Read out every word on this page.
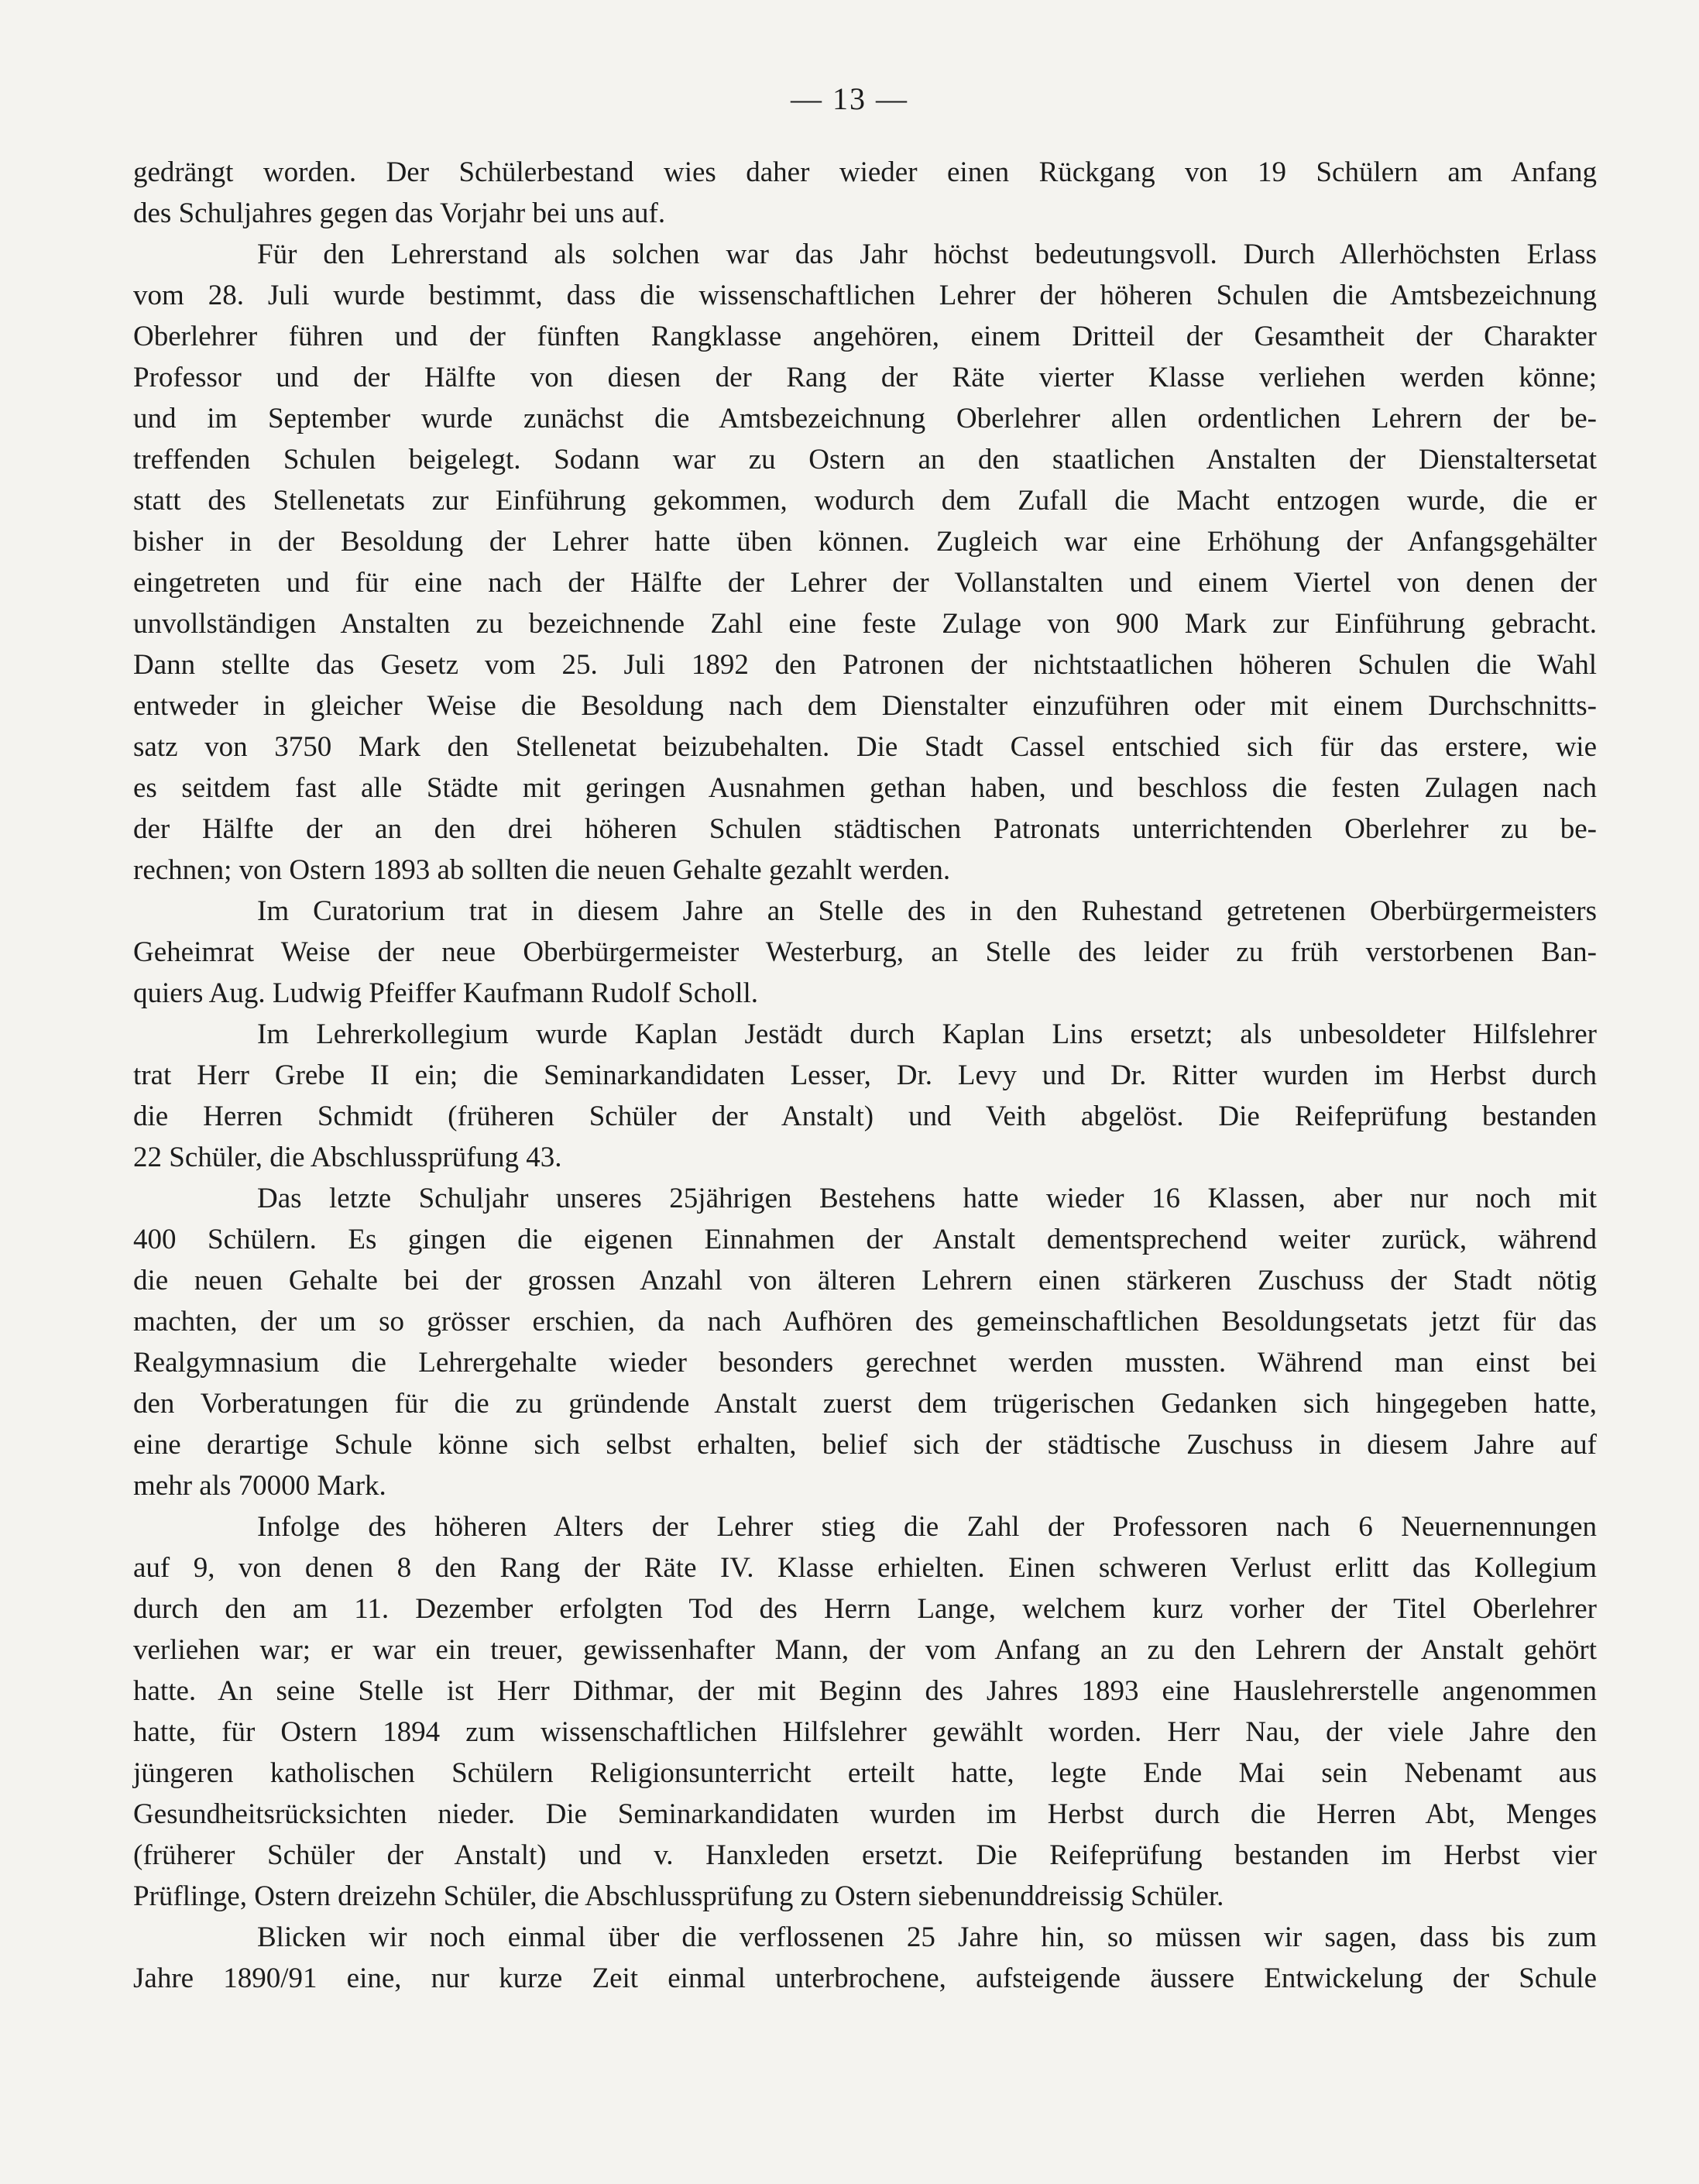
— 13 —

gedrängt worden. Der Schülerbestand wies daher wieder einen Rückgang von 19 Schülern am Anfang

des Schuljahres gegen das Vorjahr bei uns auf.

Für den Lehrerstand als solchen war das Jahr höchst bedeutungsvoll. Durch Allerhöchsten Erlass

vom 28. Juli wurde bestimmt, dass die wissenschaftlichen Lehrer der höheren Schulen die Amtsbezeichnung

Oberlehrer führen und der fünften Rangklasse angehören, einem Dritteil der Gesamtheit der Charakter

Professor und der Hälfte von diesen der Rang der Räte vierter Klasse verliehen werden könne;

und im September wurde zunächst die Amtsbezeichnung Oberlehrer allen ordentlichen Lehrern der be-

treffenden Schulen beigelegt. Sodann war zu Ostern an den staatlichen Anstalten der Dienstaltersetat

statt des Stellenetats zur Einführung gekommen, wodurch dem Zufall die Macht entzogen wurde, die er

bisher in der Besoldung der Lehrer hatte üben können. Zugleich war eine Erhöhung der Anfangsgehälter

eingetreten und für eine nach der Hälfte der Lehrer der Vollanstalten und einem Viertel von denen der

unvollständigen Anstalten zu bezeichnende Zahl eine feste Zulage von 900 Mark zur Einführung gebracht.

Dann stellte das Gesetz vom 25. Juli 1892 den Patronen der nichtstaatlichen höheren Schulen die Wahl

entweder in gleicher Weise die Besoldung nach dem Dienstalter einzuführen oder mit einem Durchschnitts-

satz von 3750 Mark den Stellenetat beizubehalten. Die Stadt Cassel entschied sich für das erstere, wie

es seitdem fast alle Städte mit geringen Ausnahmen gethan haben, und beschloss die festen Zulagen nach

der Hälfte der an den drei höheren Schulen städtischen Patronats unterrichtenden Oberlehrer zu be-

rechnen; von Ostern 1893 ab sollten die neuen Gehalte gezahlt werden.

Im Curatorium trat in diesem Jahre an Stelle des in den Ruhestand getretenen Oberbürgermeisters

Geheimrat Weise der neue Oberbürgermeister Westerburg, an Stelle des leider zu früh verstorbenen Ban-

quiers Aug. Ludwig Pfeiffer Kaufmann Rudolf Scholl.

Im Lehrerkollegium wurde Kaplan Jestädt durch Kaplan Lins ersetzt; als unbesoldeter Hilfslehrer

trat Herr Grebe II ein; die Seminarkandidaten Lesser, Dr. Levy und Dr. Ritter wurden im Herbst durch

die Herren Schmidt (früheren Schüler der Anstalt) und Veith abgelöst. Die Reifeprüfung bestanden

22 Schüler, die Abschlussprüfung 43.

Das letzte Schuljahr unseres 25jährigen Bestehens hatte wieder 16 Klassen, aber nur noch mit

400 Schülern. Es gingen die eigenen Einnahmen der Anstalt dementsprechend weiter zurück, während

die neuen Gehalte bei der grossen Anzahl von älteren Lehrern einen stärkeren Zuschuss der Stadt nötig

machten, der um so grösser erschien, da nach Aufhören des gemeinschaftlichen Besoldungsetats jetzt für das

Realgymnasium die Lehrergehalte wieder besonders gerechnet werden mussten. Während man einst bei

den Vorberatungen für die zu gründende Anstalt zuerst dem trügerischen Gedanken sich hingegeben hatte,

eine derartige Schule könne sich selbst erhalten, belief sich der städtische Zuschuss in diesem Jahre auf

mehr als 70000 Mark.

Infolge des höheren Alters der Lehrer stieg die Zahl der Professoren nach 6 Neuernennungen

auf 9, von denen 8 den Rang der Räte IV. Klasse erhielten. Einen schweren Verlust erlitt das Kollegium

durch den am 11. Dezember erfolgten Tod des Herrn Lange, welchem kurz vorher der Titel Oberlehrer

verliehen war; er war ein treuer, gewissenhafter Mann, der vom Anfang an zu den Lehrern der Anstalt gehört

hatte. An seine Stelle ist Herr Dithmar, der mit Beginn des Jahres 1893 eine Hauslehrerstelle angenommen

hatte, für Ostern 1894 zum wissenschaftlichen Hilfslehrer gewählt worden. Herr Nau, der viele Jahre den

jüngeren katholischen Schülern Religionsunterricht erteilt hatte, legte Ende Mai sein Nebenamt aus

Gesundheitsrücksichten nieder. Die Seminarkandidaten wurden im Herbst durch die Herren Abt, Menges

(früherer Schüler der Anstalt) und v. Hanxleden ersetzt. Die Reifeprüfung bestanden im Herbst vier

Prüflinge, Ostern dreizehn Schüler, die Abschlussprüfung zu Ostern siebenunddreissig Schüler.

Blicken wir noch einmal über die verflossenen 25 Jahre hin, so müssen wir sagen, dass bis zum

Jahre 1890/91 eine, nur kurze Zeit einmal unterbrochene, aufsteigende äussere Entwickelung der Schule
